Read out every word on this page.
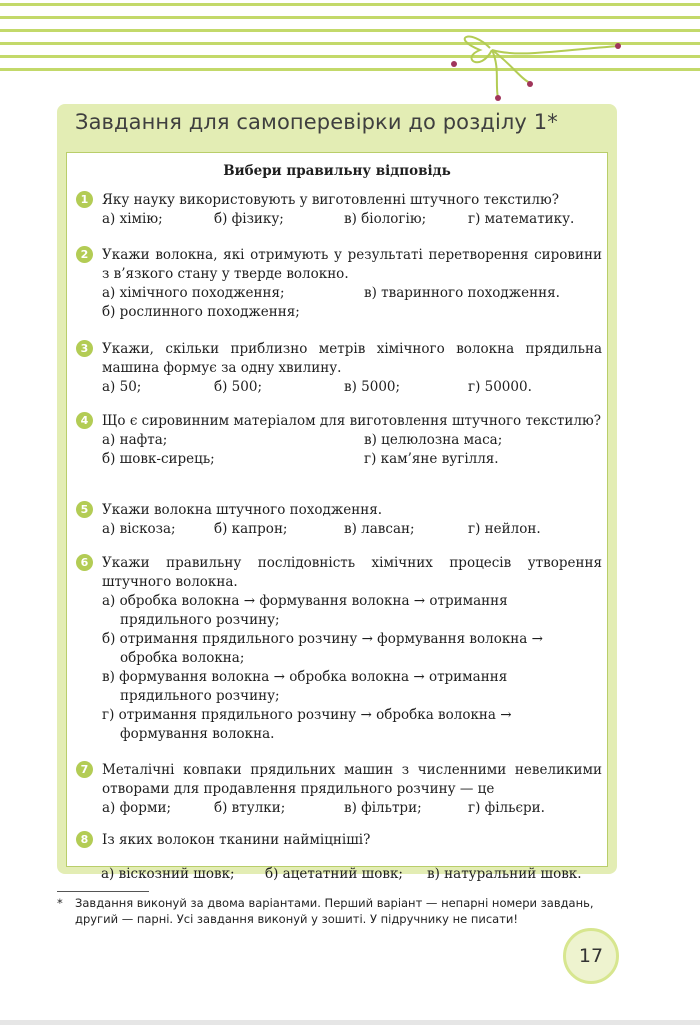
Завдання для самоперевірки до розділу 1*
Вибери правильну відповідь
1	Яку науку використовують у виготовленні штучного текстилю?
а) хімію;	б) фізику;	в) біологію;	г) математику.
2	Укажи волокна, які отримують у результаті перетворення сировини з в’язкого стану у тверде волокно.
а) хімічного походження;	в) тваринного походження.
б) рослинного походження;
3	Укажи, скільки приблизно метрів хімічного волокна прядильна машина формує за одну хвилину.
а) 50;	б) 500;	в) 5000;	г) 50000.
4	Що є сировинним матеріалом для виготовлення штучного текстилю?
а) нафта;	в) целюлозна маса;
б) шовк-сирець;	г) кам’яне вугілля.
5	Укажи волокна штучного походження.
а) віскоза;	б) капрон;	в) лавсан;	г) нейлон.
6	Укажи правильну послідовність хімічних процесів утворення штучного волокна.
а) обробка волокна → формування волокна → отримання прядильного розчину;
б) отримання прядильного розчину → формування волокна → обробка волокна;
в) формування волокна → обробка волокна → отримання прядильного розчину;
г) отримання прядильного розчину → обробка волокна → формування волокна.
7	Металічні ковпаки прядильних машин з численними невеликими отворами для продавлення прядильного розчину — це
а) форми;	б) втулки;	в) фільтри;	г) фільєри.
8	Із яких волокон тканини найміцніші?
а) віскозний шовк; б) ацетатний шовк; в) натуральний шовк.
* Завдання виконуй за двома варіантами. Перший варіант — непарні номери завдань, другий — парні. Усі завдання виконуй у зошиті. У підручнику не писати!
17
